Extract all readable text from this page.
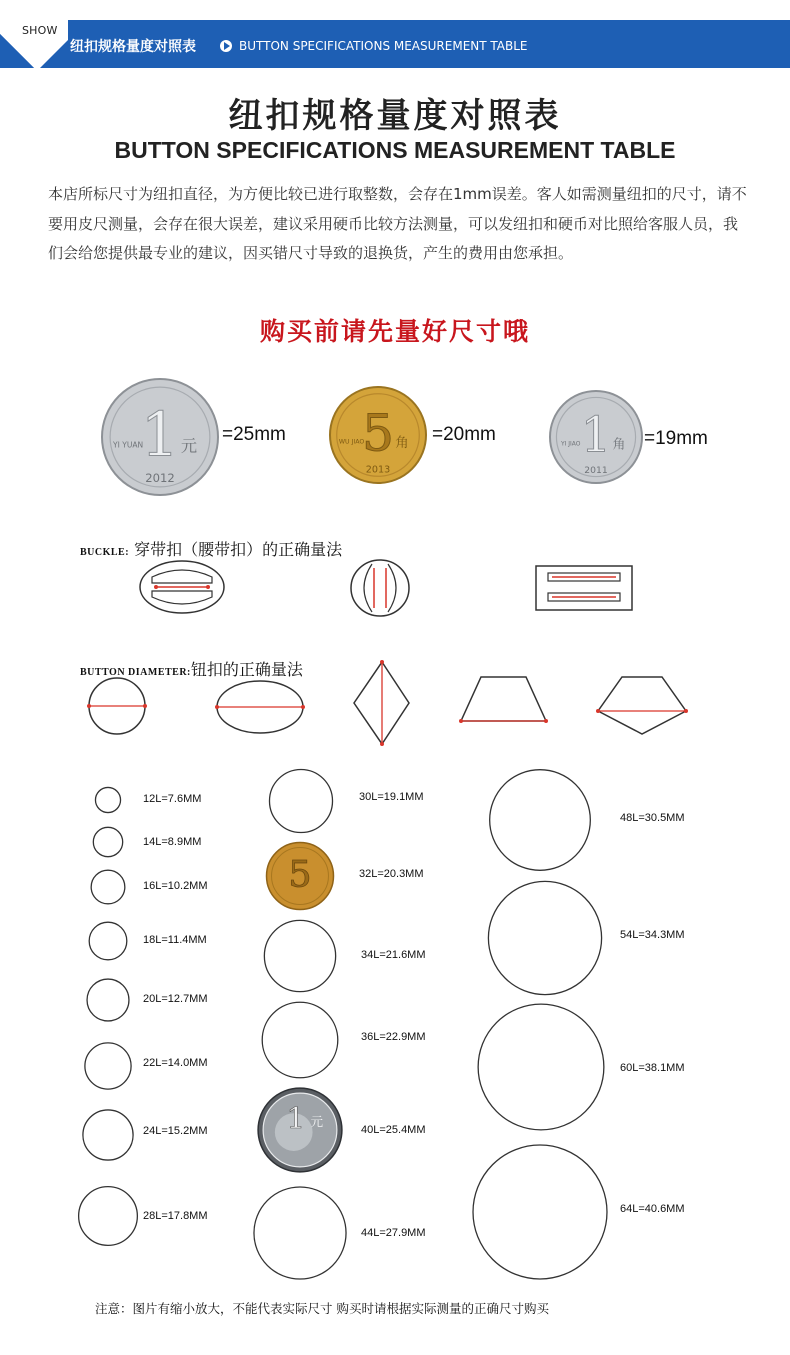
SHOW
BUTTON 纽扣规格量度对照表	BUTTON SPECIFICATIONS MEASUREMENT TABLE
纽扣规格量度对照表
BUTTON SPECIFICATIONS MEASUREMENT TABLE
本店所标尺寸为纽扣直径，为方便比较已进行取整数，会存在1mm误差。客人如需测量纽扣的尺寸，请不要用皮尺测量，会存在很大误差，建议采用硬币比较方法测量，可以发纽扣和硬币对比照给客服人员，我们会给您提供最专业的建议，因买错尺寸导致的退换货，产生的费用由您承担。
购买前请先量好尺寸哦
1 元
YI YUAN
2012
5 角
WU JIAO
2013
1 角
YI JIAO
2011
=25mm	=20mm	=19mm
BUCKLE: 穿带扣（腰带扣）的正确量法
BUTTON DIAMETER:钮扣的正确量法
5
1 元
12L=7.6MM
14L=8.9MM
16L=10.2MM
18L=11.4MM
20L=12.7MM
22L=14.0MM
24L=15.2MM
28L=17.8MM
30L=19.1MM
32L=20.3MM
34L=21.6MM
36L=22.9MM
40L=25.4MM
44L=27.9MM
48L=30.5MM
54L=34.3MM
60L=38.1MM
64L=40.6MM
注意：图片有缩小放大，不能代表实际尺寸 购买时请根据实际测量的正确尺寸购买
